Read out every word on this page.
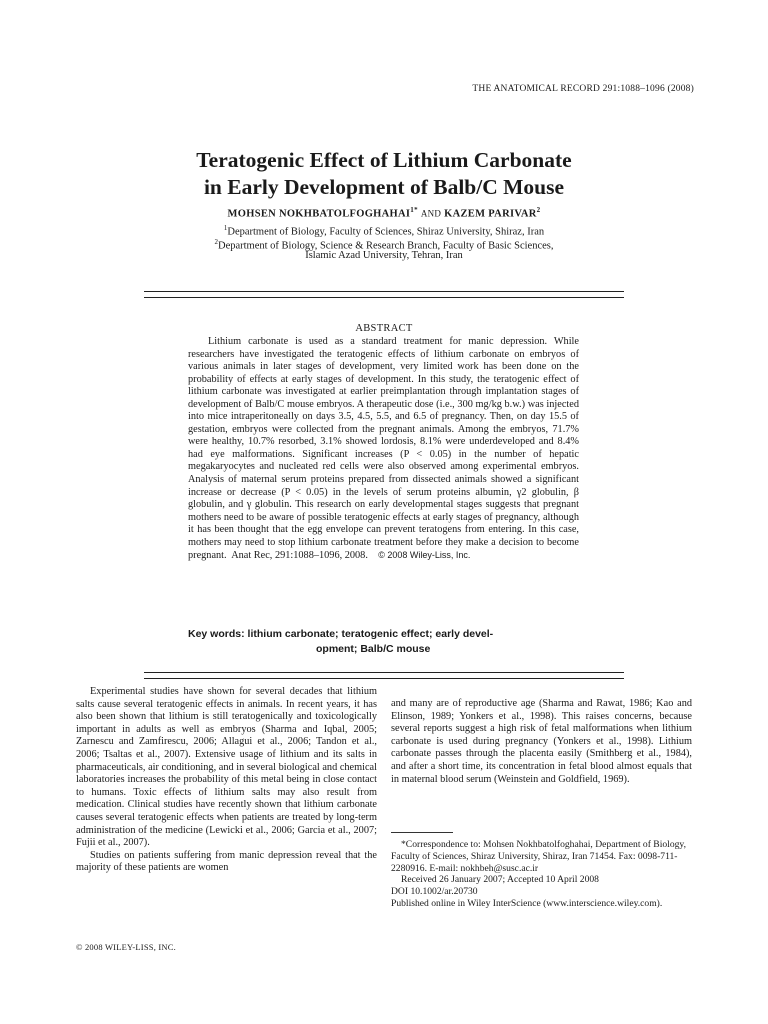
THE ANATOMICAL RECORD 291:1088–1096 (2008)
Teratogenic Effect of Lithium Carbonate
in Early Development of Balb/C Mouse
MOHSEN $NOKHBATOLFOGHAHAI^{1*}$ AND KAZEM PARIVAR$^2$
$^1$Department of Biology, Faculty of Sciences, Shiraz University, Shiraz, Iran
$^2$Department of Biology, Science & Research Branch, Faculty of Basic Sciences,
Islamic Azad University, Tehran, Iran
ABSTRACT
Lithium carbonate is used as a standard treatment for manic depression. While researchers have investigated the teratogenic effects of lithium carbonate on embryos of various animals in later stages of development, very limited work has been done on the probability of effects at early stages of development. In this study, the teratogenic effect of lithium carbonate was investigated at earlier preimplantation through implantation stages of development of Balb/C mouse embryos. A therapeutic dose (i.e., 300 mg/kg b.w.) was injected into mice intraperitoneally on days 3.5, 4.5, 5.5, and 6.5 of pregnancy. Then, on day 15.5 of gestation, embryos were collected from the pregnant animals. Among the embryos, 71.7% were healthy, 10.7% resorbed, 3.1% showed lordosis, 8.1% were underdeveloped and 8.4% had eye malformations. Significant increases (P < 0.05) in the number of hepatic megakaryocytes and nucleated red cells were also observed among experimental embryos. Analysis of maternal serum proteins prepared from dissected animals showed a significant increase or decrease (P < 0.05) in the levels of serum proteins albumin, γ2 globulin, β globulin, and γ globulin. This research on early developmental stages suggests that pregnant mothers need to be aware of possible teratogenic effects at early stages of pregnancy, although it has been thought that the egg envelope can prevent teratogens from entering. In this case, mothers may need to stop lithium carbonate treatment before they make a decision to become pregnant. Anat Rec, 291:1088–1096, 2008. © 2008 Wiley-Liss, Inc.
Key words: lithium carbonate; teratogenic effect; early devel-
opment; Balb/C mouse

Experimental studies have shown for several decades that lithium salts cause several teratogenic effects in animals. In recent years, it has also been shown that lithium is still teratogenically and toxicologically important in adults as well as embryos (Sharma and Iqbal, 2005; Zarnescu and Zamfirescu, 2006; Allagui et al., 2006; Tandon et al., 2006; Tsaltas et al., 2007). Extensive usage of lithium and its salts in pharmaceuticals, air conditioning, and in several biological and chemical laboratories increases the probability of this metal being in close contact to humans. Toxic effects of lithium salts may also result from medication. Clinical studies have recently shown that lithium carbonate causes several teratogenic effects when patients are treated by long-term administration of the medicine (Lewicki et al., 2006; Garcia et al., 2007; Fujii et al., 2007).

Studies on patients suffering from manic depression reveal that the majority of these patients are women

and many are of reproductive age (Sharma and Rawat, 1986; Kao and Elinson, 1989; Yonkers et al., 1998). This raises concerns, because several reports suggest a high risk of fetal malformations when lithium carbonate is used during pregnancy (Yonkers et al., 1998). Lithium carbonate passes through the placenta easily (Smithberg et al., 1984), and after a short time, its concentration in fetal blood almost equals that in maternal blood serum (Weinstein and Goldfield, 1969).

*Correspondence to: Mohsen Nokhbatolfoghahai, Department of Biology, Faculty of Sciences, Shiraz University, Shiraz, Iran 71454. Fax: 0098-711-2280916. E-mail: nokhbeh@susc.ac.ir

Received 26 January 2007; Accepted 10 April 2008

DOI 10.1002/ar.20730

Published online in Wiley InterScience (www.interscience.wiley.com).

© 2008 WILEY-LISS, INC.
